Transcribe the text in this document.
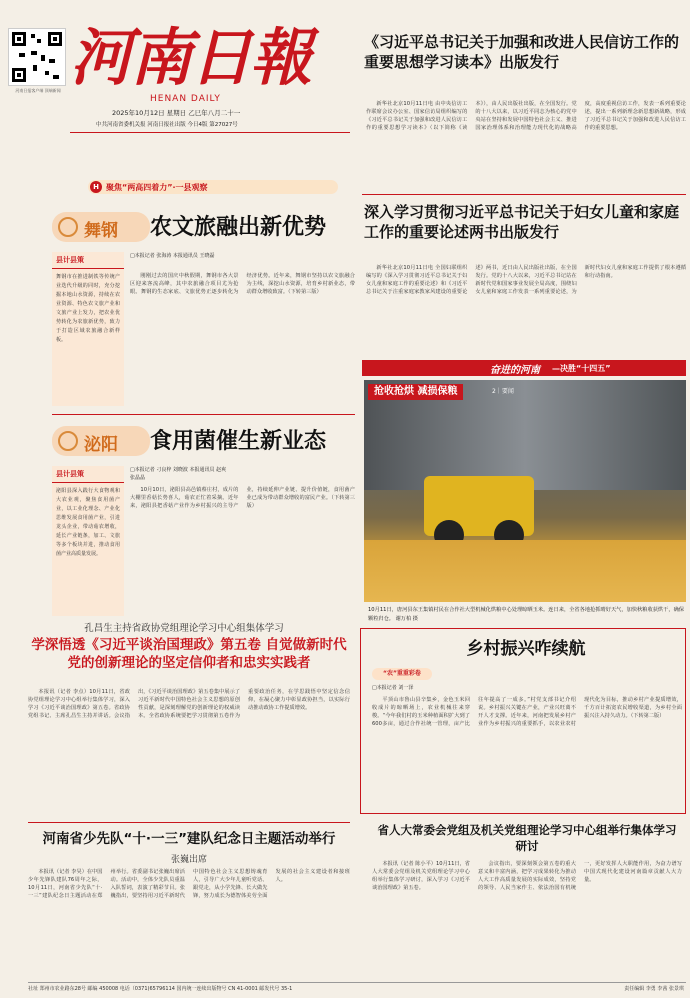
河南日报客户端 顶端新闻 河南日報
HENAN DAILY
2025年10月12日 星期日 乙巳年八月二十一
中共河南省委机关报 河南日报社出版 今日4版 第27027号
《习近平总书记关于加强和改进人民信访工作的重要思想学习读本》出版发行

新华社北京10月11日电 由中央信访工作联席会议办公室、国家信访局组织编写的《习近平总书记关于加强和改进人民信访工作的重要思想学习读本》（以下简称《读本》），由人民出版社出版，在全国发行。党的十八大以来，以习近平同志为核心的党中央站在坚持和发展中国特色社会主义、推进国家治理体系和治理能力现代化的战略高度，高度重视信访工作，发表一系列重要论述，提出一系列新理念新思想新战略，形成了习近平总书记关于加强和改进人民信访工作的重要思想。

深入学习贯彻习近平总书记关于妇女儿童和家庭工作的重要论述两书出版发行

新华社北京10月11日电 全国妇联组织编写的《深入学习贯彻习近平总书记关于妇女儿童和家庭工作的重要论述》和《习近平总书记关于注重家庭家教家风建设的重要论述》两书，近日由人民出版社出版，在全国发行。党的十八大以来，习近平总书记站在新时代党和国家事业发展全局高度，围绕妇女儿童和家庭工作发表一系列重要论述，为新时代妇女儿童和家庭工作提供了根本遵循和行动指南。

H 聚焦“两高四着力”·一县观察
舞钢 农文旅融出新优势
县计县策
舞钢市在推进制铁等传统产业迭代升级的同时，充分挖掘本地山水资源，持续在农业资源、特色农文旅产业和文旅产业上发力，把农业优势转化为农旅新优势，致力于打造区域农旅融合新样板。
□本报记者 张海涛 本报通讯员 王晓磊

刚刚过去的国庆中秋假期，舞钢市各大景区迎来客流高峰，其中农旅融合项目尤为抢眼。舞钢的生态家底、文旅优势正逐步转化为经济优势。近年来，舞钢市坚持以农文旅融合为主线，深挖山水资源，培育乡村新业态，带动群众增收致富。（下转第三版）

泌阳 食用菌催生新业态
县计县策
泌阳县深入践行大食物观和大农业观，聚焦食用菌产业，以工业化理念、产业化思维发展食用菌产业，引进龙头企业，带动菇农增收，延长产业链条，加工、文旅等多个板块并进，推动食用菌产业高质量发展。
□本报记者 刁良梓 刘晓波 本报通讯员 赵爽 张晶晶

10月10日，泌阳县高邑镇蔡庄村，成片的大棚里香菇长势喜人，菇农正忙着采摘。近年来，泌阳县把香菇产业作为乡村振兴的主导产业，持续延伸产业链、提升价值链，食用菌产业已成为带动群众增收的富民产业。（下转第三版）

奋进的河南 —决胜“十四五”
抢收抢烘 减损保粮	2｜要闻
10月11日，唐河县东王集镇村民在合作社大型机械化烘粮中心处理晾晒玉米。连日来，全省各地抢抓晴好天气，加快秋粮收获烘干，确保颗粒归仓。 谢万柏 摄
孔昌生主持省政协党组理论学习中心组集体学习
学深悟透《习近平谈治国理政》第五卷 自觉做新时代党的创新理论的坚定信仰者和忠实实践者

本报讯（记者 李点）10月11日，省政协党组理论学习中心组举行集体学习，深入学习《习近平谈治国理政》第五卷。省政协党组书记、主席孔昌生主持并讲话。会议指出，《习近平谈治国理政》第五卷集中展示了习近平新时代中国特色社会主义思想的原创性贡献，是深刻理解党的创新理论的权威读本。全省政协系统要把学习贯彻第五卷作为重要政治任务，在学思践悟中坚定信念信仰，在凝心聚力中彰显政协担当，以实际行动推动政协工作提质增效。

河南省少先队“十·一三”建队纪念日主题活动举行
张巍出席

本报讯（记者 李昊）在中国少年先锋队建队76周年之际，10月11日，河南省少先队“十·一三”建队纪念日主题活动在郑州举行。省委副书记张巍出席活动。活动中，全体少先队员重温入队誓词，表演了精彩节目。张巍指出，要坚持用习近平新时代中国特色社会主义思想铸魂育人，引导广大少年儿童听党话、跟党走，从小学先锋、长大做先锋，努力成长为德智体美劳全面发展的社会主义建设者和接班人。

乡村振兴咋续航
“农”重重彩卷
□本报记者 刘一泽

平顶山市鲁山县辛集乡，金色玉米回收成片的晾晒场上，农业机械往来穿梭。“今年我们村的玉米种植面积扩大到了600多亩，通过合作社统一管理，亩产比往年提高了一成多。”村党支部书记介绍说。乡村振兴关键在产业，产业兴旺离不开人才支撑。近年来，河南把发展乡村产业作为乡村振兴的重要抓手，以农业农村现代化为目标，推动乡村产业提质增效，千方百计拓宽农民增收渠道，为乡村全面振兴注入持久动力。（下转第二版）

省人大常委会党组及机关党组理论学习中心组举行集体学习研讨

本报讯（记者 陈小平）10月11日，省人大常委会党组及机关党组理论学习中心组举行集体学习研讨，深入学习《习近平谈治国理政》第五卷。

会议指出，要深刻领会第五卷的重大意义和丰富内涵，把学习成果转化为推动人大工作高质量发展的实际成效，坚持党的领导、人民当家作主、依法治国有机统一，更好发挥人大职能作用，为奋力谱写中国式现代化建设河南篇章贡献人大力量。

社址 郑州市农业路东28号 邮编 450008 电话（0371)65796114 国内统一连续出版物号 CN 41-0001 邮发代号 35-1	责任编辑 李勇 李茜 张景琪
